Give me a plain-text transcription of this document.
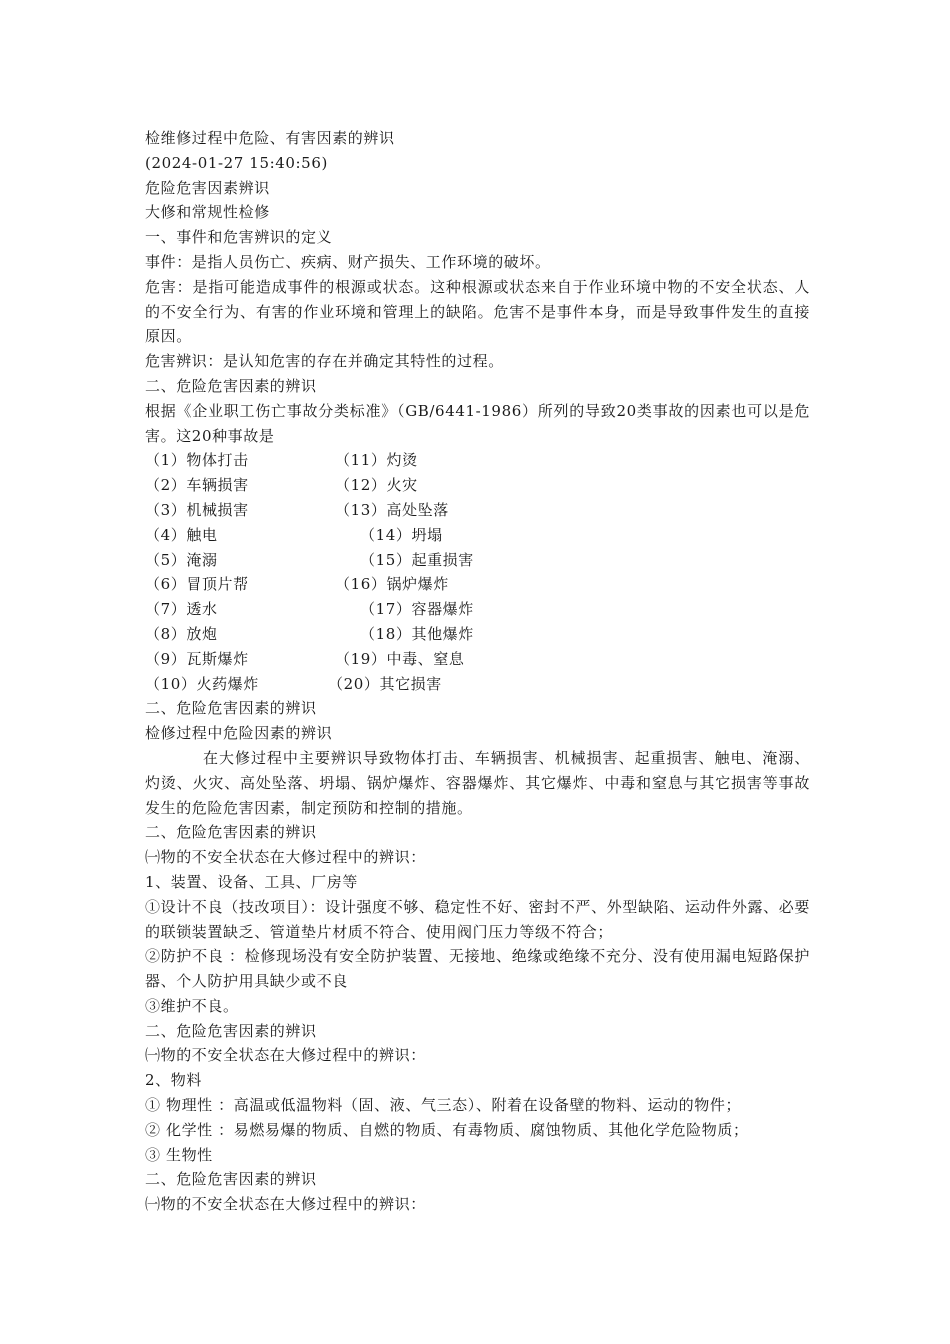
检维修过程中危险、有害因素的辨识
(2024-01-27 15:40:56)
危险危害因素辨识
大修和常规性检修
一、事件和危害辨识的定义
事件：是指人员伤亡、疾病、财产损失、工作环境的破坏。
危害：是指可能造成事件的根源或状态。这种根源或状态来自于作业环境中物的不安全状态、人的不安全行为、有害的作业环境和管理上的缺陷。危害不是事件本身，而是导致事件发生的直接原因。
危害辨识：是认知危害的存在并确定其特性的过程。
二、危险危害因素的辨识
根据《企业职工伤亡事故分类标准》（GB/6441-1986）所列的导致20类事故的因素也可以是危害。这20种事故是
（1）物体打击	（11）灼烫
（2）车辆损害	（12）火灾
（3）机械损害	（13）高处坠落
（4）触电	（14）坍塌
（5）淹溺	（15）起重损害
（6）冒顶片帮	（16）锅炉爆炸
（7）透水	（17）容器爆炸
（8）放炮	（18）其他爆炸
（9）瓦斯爆炸	（19）中毒、窒息
（10）火药爆炸	（20）其它损害
二、危险危害因素的辨识
检修过程中危险因素的辨识
在大修过程中主要辨识导致物体打击、车辆损害、机械损害、起重损害、触电、淹溺、灼烫、火灾、高处坠落、坍塌、锅炉爆炸、容器爆炸、其它爆炸、中毒和窒息与其它损害等事故发生的危险危害因素，制定预防和控制的措施。
二、危险危害因素的辨识
㈠物的不安全状态在大修过程中的辨识：
1、装置、设备、工具、厂房等
①设计不良（技改项目）：设计强度不够、稳定性不好、密封不严、外型缺陷、运动件外露、必要的联锁装置缺乏、管道垫片材质不符合、使用阀门压力等级不符合；
②防护不良 ：检修现场没有安全防护装置、无接地、绝缘或绝缘不充分、没有使用漏电短路保护器、个人防护用具缺少或不良
③维护不良。
二、危险危害因素的辨识
㈠物的不安全状态在大修过程中的辨识：
2、物料
① 物理性 ：高温或低温物料（固、液、气三态）、附着在设备壁的物料、运动的物件；
② 化学性 ：易燃易爆的物质、自燃的物质、有毒物质、腐蚀物质、其他化学危险物质；
③ 生物性
二、危险危害因素的辨识
㈠物的不安全状态在大修过程中的辨识：
